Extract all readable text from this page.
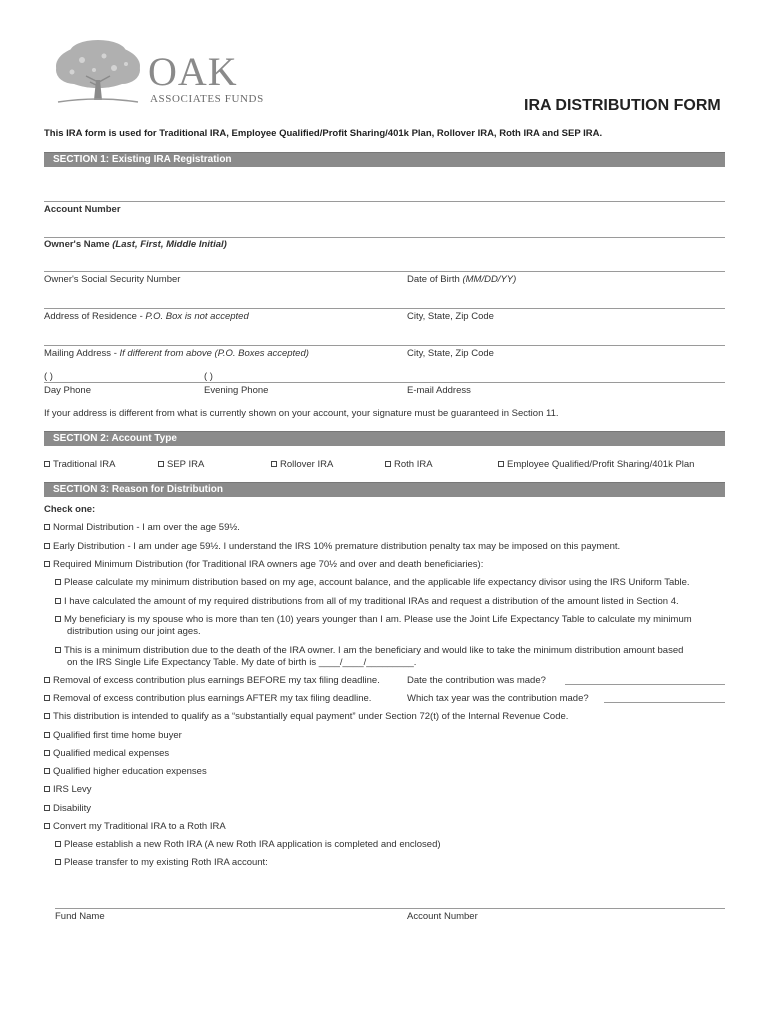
OAK
ASSOCIATES FUNDS	IRA DISTRIBUTION FORM
This IRA form is used for Traditional IRA, Employee Qualified/Profit Sharing/401k Plan, Rollover IRA, Roth IRA and SEP IRA.
SECTION 1: Existing IRA Registration
Account Number
Owner's Name (Last, First, Middle Initial)
Owner's Social Security Number	Date of Birth (MM/DD/YY)
Address of Residence - P.O. Box is not accepted	City, State, Zip Code
Mailing Address - If different from above (P.O. Boxes accepted)	City, State, Zip Code
( )	( )
Day Phone	Evening Phone	E-mail Address
If your address is different from what is currently shown on your account, your signature must be guaranteed in Section 11.
SECTION 2: Account Type
Traditional IRA	SEP IRA	Rollover IRA	Roth IRA	Employee Qualified/Profit Sharing/401k Plan
SECTION 3: Reason for Distribution
Check one:
Normal Distribution - I am over the age 59½.
Early Distribution - I am under age 59½. I understand the IRS 10% premature distribution penalty tax may be imposed on this payment.
Required Minimum Distribution (for Traditional IRA owners age 70½ and over and death beneficiaries):
Please calculate my minimum distribution based on my age, account balance, and the applicable life expectancy divisor using the IRS Uniform Table.
I have calculated the amount of my required distributions from all of my traditional IRAs and request a distribution of the amount listed in Section 4.
My beneficiary is my spouse who is more than ten (10) years younger than I am. Please use the Joint Life Expectancy Table to calculate my minimum
distribution using our joint ages.
This is a minimum distribution due to the death of the IRA owner. I am the beneficiary and would like to take the minimum distribution amount based
on the IRS Single Life Expectancy Table. My date of birth is ____/____/_________.
Removal of excess contribution plus earnings BEFORE my tax filing deadline.	Date the contribution was made?
Removal of excess contribution plus earnings AFTER my tax filing deadline.	Which tax year was the contribution made?
This distribution is intended to qualify as a “substantially equal payment” under Section 72(t) of the Internal Revenue Code.
Qualified first time home buyer
Qualified medical expenses
Qualified higher education expenses
IRS Levy
Disability
Convert my Traditional IRA to a Roth IRA
Please establish a new Roth IRA (A new Roth IRA application is completed and enclosed)
Please transfer to my existing Roth IRA account:
Fund Name	Account Number
